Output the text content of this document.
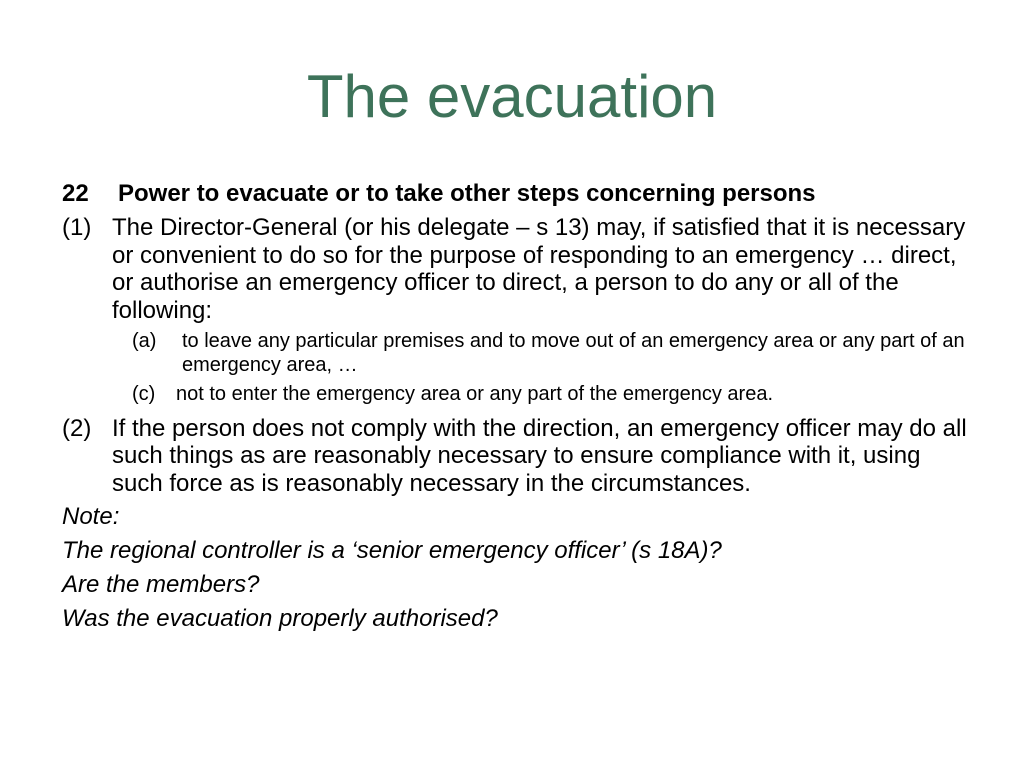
The evacuation
22	Power to evacuate or to take other steps concerning persons
(1) The Director-General (or his delegate – s 13) may, if satisfied that it is necessary or convenient to do so for the purpose of responding to an emergency … direct, or authorise an emergency officer to direct, a person to do any or all of the following:
(a)	to leave any particular premises and to move out of an emergency area or any part of an emergency area, …
(c)	not to enter the emergency area or any part of the emergency area.
(2) If the person does not comply with the direction, an emergency officer may do all such things as are reasonably necessary to ensure compliance with it, using such force as is reasonably necessary in the circumstances.
Note:
The regional controller is a ‘senior emergency officer’ (s 18A)?
Are the members?
Was the evacuation properly authorised?
